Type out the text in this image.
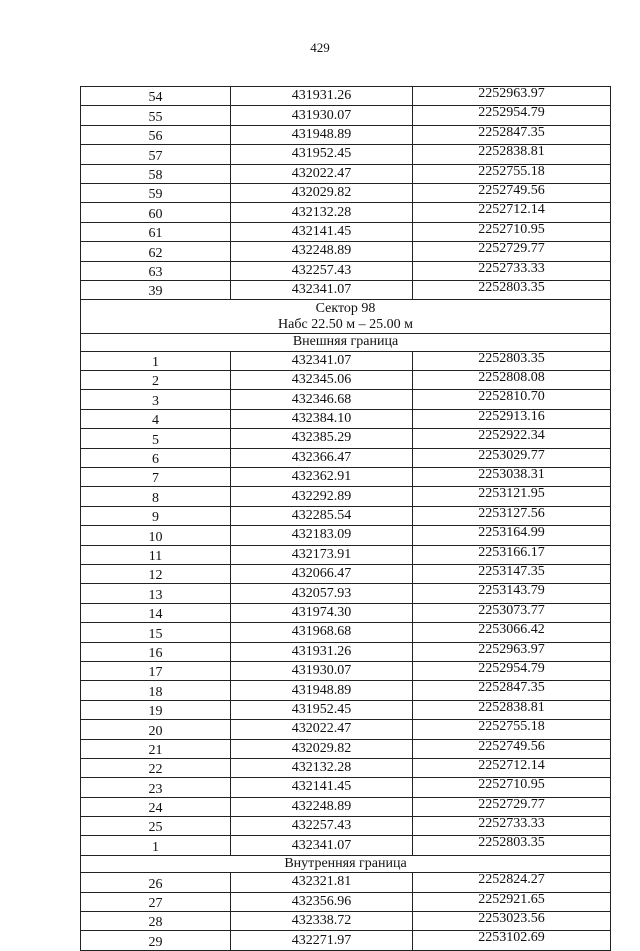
429
54	431931.26	2252963.97
55	431930.07	2252954.79
56	431948.89	2252847.35
57	431952.45	2252838.81
58	432022.47	2252755.18
59	432029.82	2252749.56
60	432132.28	2252712.14
61	432141.45	2252710.95
62	432248.89	2252729.77
63	432257.43	2252733.33
39	432341.07	2252803.35

Сектор 98
Набс 22.50 м – 25.00 м		

Внешняя граница		

1	432341.07	2252803.35
2	432345.06	2252808.08
3	432346.68	2252810.70
4	432384.10	2252913.16
5	432385.29	2252922.34
6	432366.47	2253029.77
7	432362.91	2253038.31
8	432292.89	2253121.95
9	432285.54	2253127.56
10	432183.09	2253164.99
11	432173.91	2253166.17
12	432066.47	2253147.35
13	432057.93	2253143.79
14	431974.30	2253073.77
15	431968.68	2253066.42
16	431931.26	2252963.97
17	431930.07	2252954.79
18	431948.89	2252847.35
19	431952.45	2252838.81
20	432022.47	2252755.18
21	432029.82	2252749.56
22	432132.28	2252712.14
23	432141.45	2252710.95
24	432248.89	2252729.77
25	432257.43	2252733.33
1	432341.07	2252803.35

Внутренняя граница		

26	432321.81	2252824.27
27	432356.96	2252921.65
28	432338.72	2253023.56
29	432271.97	2253102.69
